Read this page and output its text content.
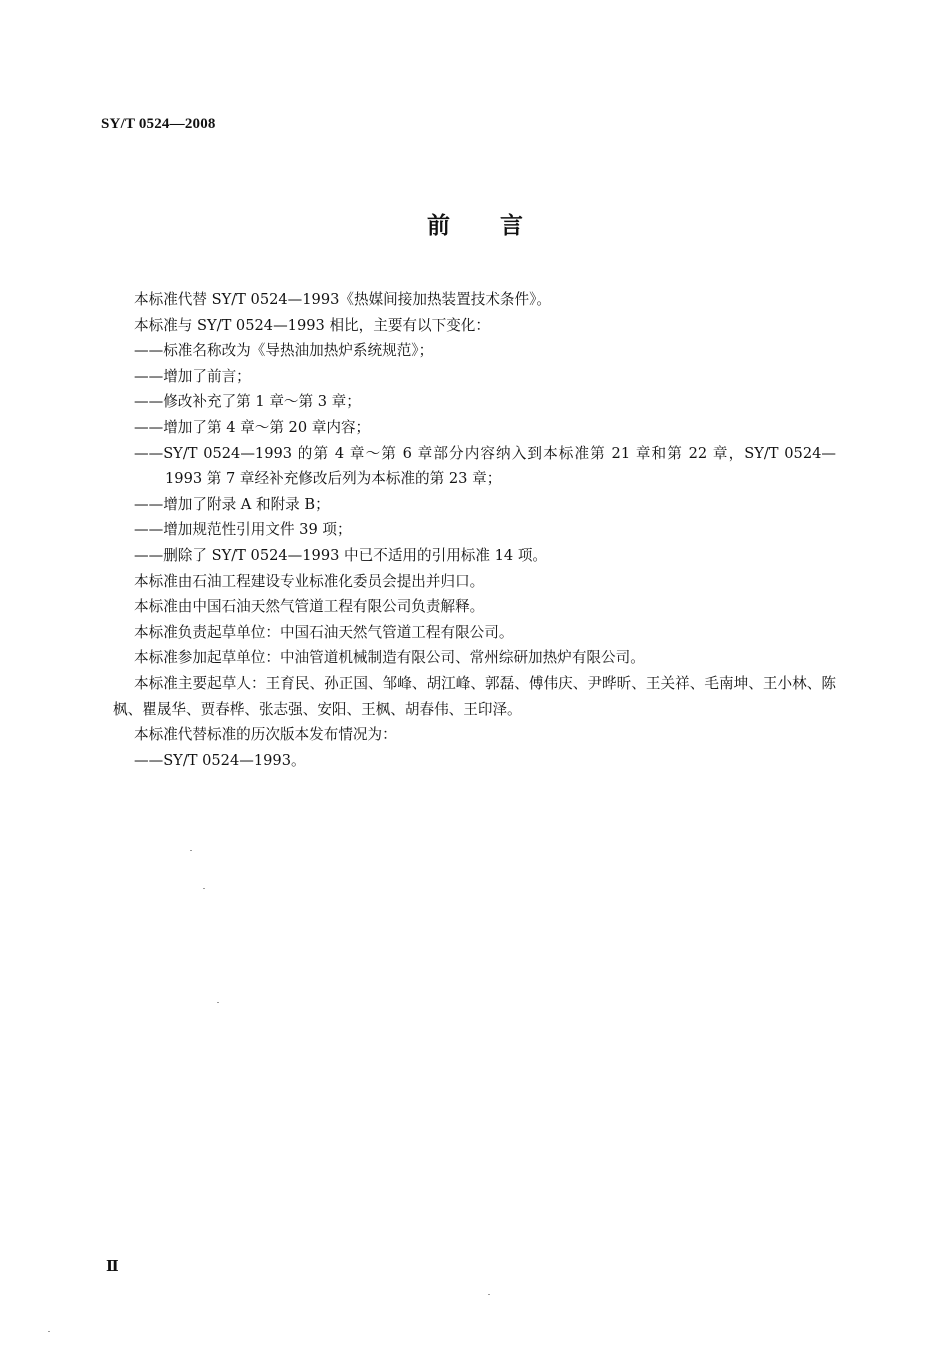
SY/T 0524—2008
前言

本标准代替 SY/T 0524—1993《热媒间接加热装置技术条件》。

本标准与 SY/T 0524—1993 相比，主要有以下变化：

——标准名称改为《导热油加热炉系统规范》；

——增加了前言；

——修改补充了第 1 章～第 3 章；

——增加了第 4 章～第 20 章内容；

——SY/T 0524—1993 的第 4 章～第 6 章部分内容纳入到本标准第 21 章和第 22 章，SY/T 0524—1993 第 7 章经补充修改后列为本标准的第 23 章；

——增加了附录 A 和附录 B；

——增加规范性引用文件 39 项；

——删除了 SY/T 0524—1993 中已不适用的引用标准 14 项。

本标准由石油工程建设专业标准化委员会提出并归口。

本标准由中国石油天然气管道工程有限公司负责解释。

本标准负责起草单位：中国石油天然气管道工程有限公司。

本标准参加起草单位：中油管道机械制造有限公司、常州综研加热炉有限公司。

本标准主要起草人：王育民、孙正国、邹峰、胡江峰、郭磊、傅伟庆、尹晔昕、王关祥、毛南坤、王小林、陈枫、瞿晟华、贾春桦、张志强、安阳、王枫、胡春伟、王印泽。

本标准代替标准的历次版本发布情况为：

——SY/T 0524—1993。

Ⅱ
